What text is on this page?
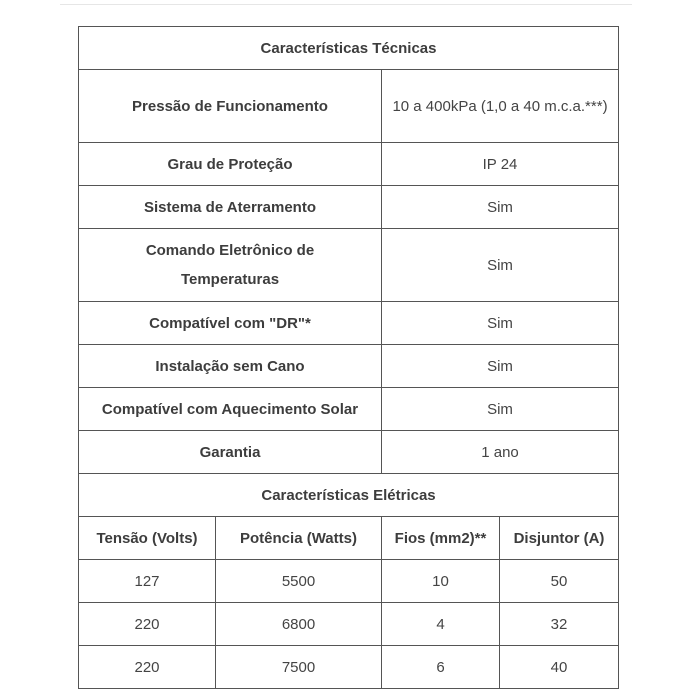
Características Técnicas			
Pressão de Funcionamento		10 a 400kPa (1,0 a 40 m.c.a.***)	
Grau de Proteção		IP 24	
Sistema de Aterramento		Sim	
Comando Eletrônico de Temperaturas		Sim	
Compatível com "DR"*		Sim	
Instalação sem Cano		Sim	
Compatível com Aquecimento Solar		Sim	
Garantia		1 ano	
Características Elétricas			
Tensão (Volts)	Potência (Watts)	Fios (mm2)**	Disjuntor (A)
127	5500	10	50
220	6800	4	32
220	7500	6	40
